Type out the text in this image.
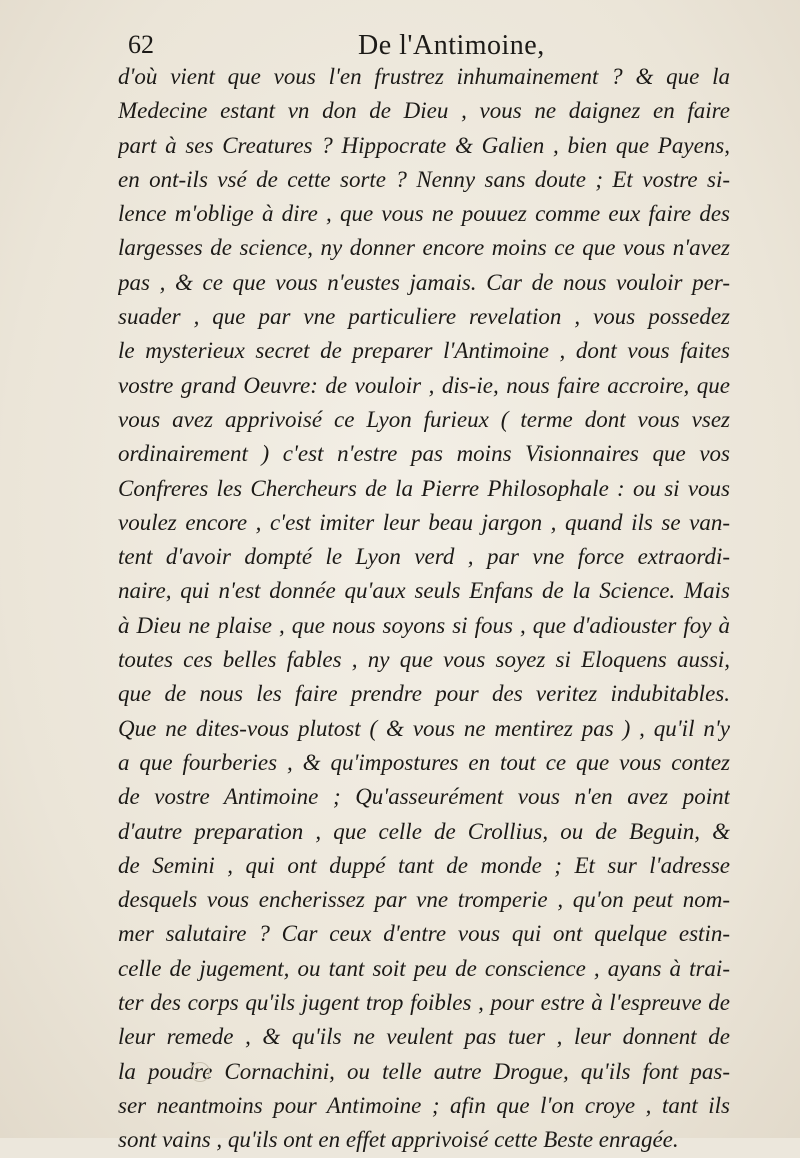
62	De l'Antimoine,
d'où vient que vous l'en frustrez inhumainement ? & que la
Medecine estant vn don de Dieu , vous ne daignez en faire
part à ses Creatures ? Hippocrate & Galien , bien que Payens,
en ont-ils vsé de cette sorte ? Nenny sans doute ; Et vostre si-
lence m'oblige à dire , que vous ne pouuez comme eux faire des
largesses de science, ny donner encore moins ce que vous n'avez
pas , & ce que vous n'eustes jamais. Car de nous vouloir per-
suader , que par vne particuliere revelation , vous possedez
le mysterieux secret de preparer l'Antimoine , dont vous faites
vostre grand Oeuvre: de vouloir , dis-ie, nous faire accroire, que
vous avez apprivoisé ce Lyon furieux ( terme dont vous vsez
ordinairement ) c'est n'estre pas moins Visionnaires que vos
Confreres les Chercheurs de la Pierre Philosophale : ou si vous
voulez encore , c'est imiter leur beau jargon , quand ils se van-
tent d'avoir dompté le Lyon verd , par vne force extraordi-
naire, qui n'est donnée qu'aux seuls Enfans de la Science. Mais
à Dieu ne plaise , que nous soyons si fous , que d'adiouster foy à
toutes ces belles fables , ny que vous soyez si Eloquens aussi,
que de nous les faire prendre pour des veritez indubitables.
Que ne dites-vous plutost ( & vous ne mentirez pas ) , qu'il n'y
a que fourberies , & qu'impostures en tout ce que vous contez
de vostre Antimoine ; Qu'asseurément vous n'en avez point
d'autre preparation , que celle de Crollius, ou de Beguin, &
de Semini , qui ont duppé tant de monde ; Et sur l'adresse
desquels vous encherissez par vne tromperie , qu'on peut nom-
mer salutaire ? Car ceux d'entre vous qui ont quelque estin-
celle de jugement, ou tant soit peu de conscience , ayans à trai-
ter des corps qu'ils jugent trop foibles , pour estre à l'espreuve de
leur remede , & qu'ils ne veulent pas tuer , leur donnent de
la poudre Cornachini, ou telle autre Drogue, qu'ils font pas-
ser neantmoins pour Antimoine ; afin que l'on croye , tant ils
sont vains , qu'ils ont en effet apprivoisé cette Beste enragée.
